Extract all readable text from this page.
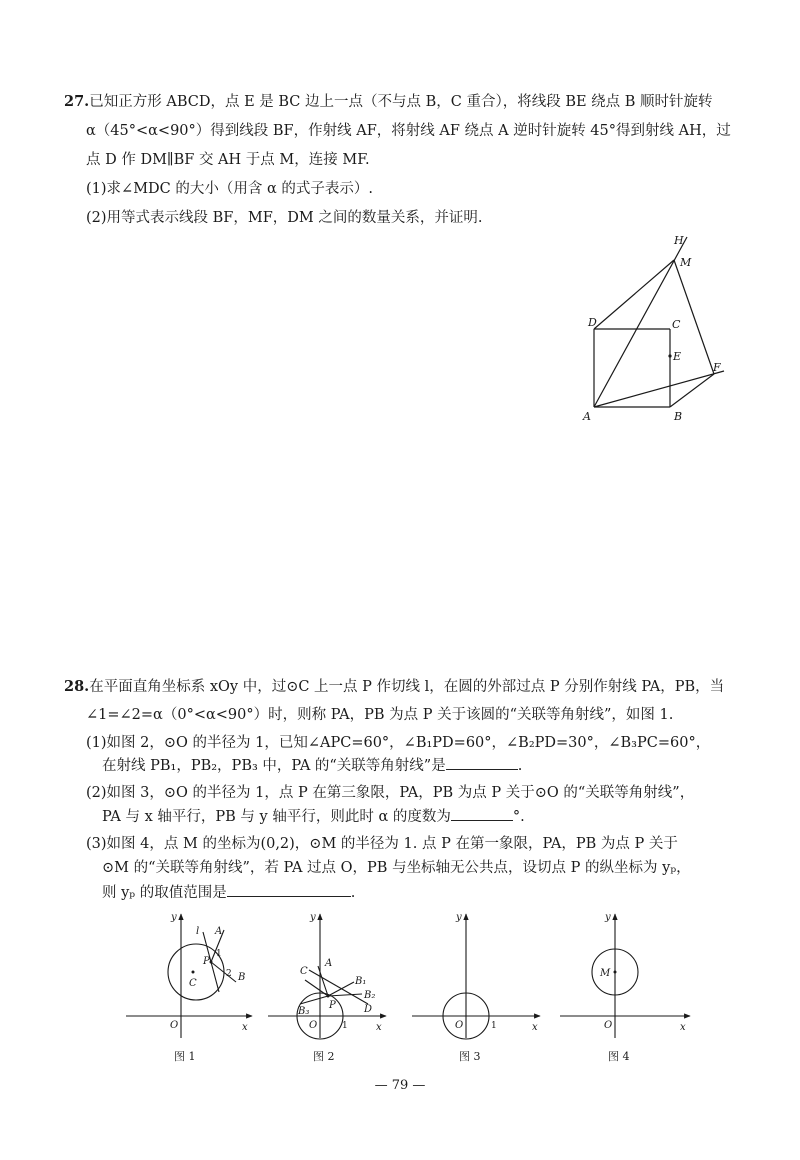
27.已知正方形 ABCD，点 E 是 BC 边上一点（不与点 B，C 重合），将线段 BE 绕点 B 顺时针旋转
α（45°<α<90°）得到线段 BF，作射线 AF，将射线 AF 绕点 A 逆时针旋转 45°得到射线 AH，过
点 D 作 DM∥BF 交 AH 于点 M，连接 MF.
(1)求∠MDC 的大小（用含 α 的式子表示）.
(2)用等式表示线段 BF，MF，DM 之间的数量关系，并证明.
H
M
D	C
E
F
A	B
28.在平面直角坐标系 xOy 中，过⊙C 上一点 P 作切线 l，在圆的外部过点 P 分别作射线 PA，PB，当
∠1=∠2=α（0°<α<90°）时，则称 PA，PB 为点 P 关于该圆的“关联等角射线”，如图 1.
(1)如图 2，⊙O 的半径为 1，已知∠APC=60°，∠B₁PD=60°，∠B₂PD=30°，∠B₃PC=60°，
在射线 PB₁，PB₂，PB₃ 中，PA 的“关联等角射线”是	.
(2)如图 3，⊙O 的半径为 1，点 P 在第三象限，PA，PB 为点 P 关于⊙O 的“关联等角射线”，
PA 与 x 轴平行，PB 与 y 轴平行，则此时 α 的度数为	°.
(3)如图 4，点 M 的坐标为(0,2)，⊙M 的半径为 1. 点 P 在第一象限，PA，PB 为点 P 关于
⊙M 的“关联等角射线”，若 PA 过点 O，PB 与坐标轴无公共点，设切点 P 的纵坐标为 yₚ，
则 yₚ 的取值范围是	.
y
x
O
l A
P
B
C
1
2
图 1
y
x
O
C
A
B₁
B₂
B₃
P	D
1
图 2
y
x
O	1
图 3
y
x
O
M
图 4
— 79 —
